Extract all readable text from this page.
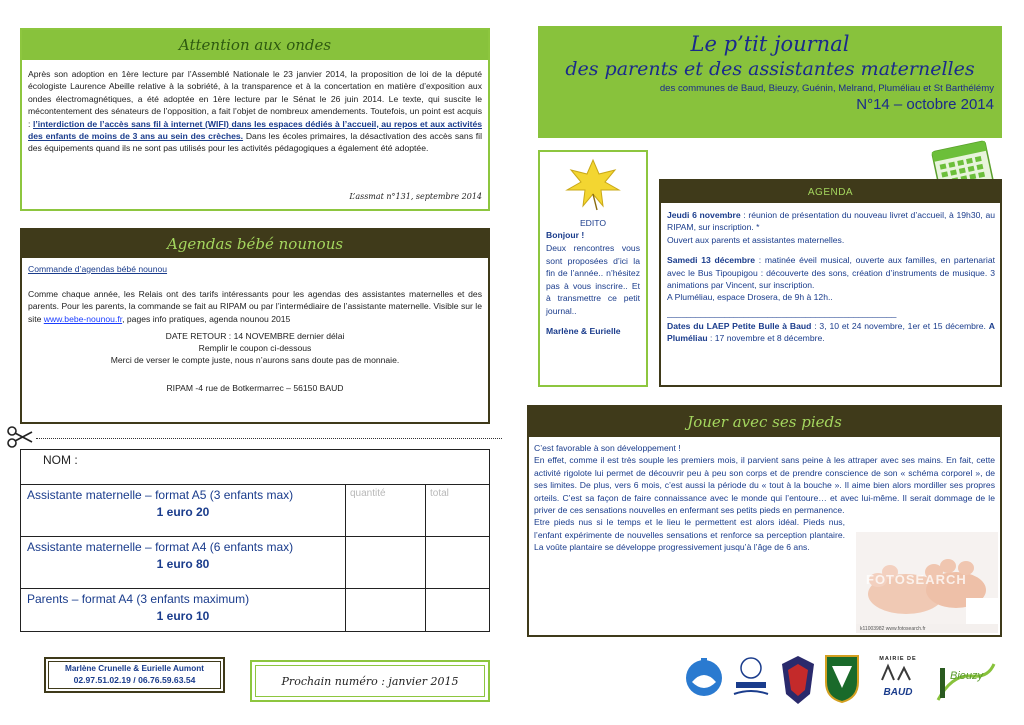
Attention aux ondes
Après son adoption en 1ère lecture par l’Assemblé Nationale le 23 janvier 2014, la proposition de loi de la député écologiste Laurence Abeille relative à la sobriété, à la transparence et à la concertation en matière d’exposition aux ondes électromagnétiques, a été adoptée en 1ère lecture par le Sénat le 26 juin 2014. Le texte, qui suscite le mécontentement des sénateurs de l’opposition, a fait l’objet de nombreux amendements. Toutefois, un point est acquis : l’interdiction de l’accès sans fil à internet (WIFI) dans les espaces dédiés à l’accueil, au repos et aux activités des enfants de moins de 3 ans au sein des crèches. Dans les écoles primaires, la désactivation des accès sans fil des équipements quand ils ne sont pas utilisés pour les activités pédagogiques a également été adoptée.
L’assmat n°131, septembre 2014
Agendas bébé nounous
Commande d’agendas bébé nounou
Comme chaque année, les Relais ont des tarifs intéressants pour les agendas des assistantes maternelles et des parents. Pour les parents, la commande se fait au RIPAM ou par l’intermédiaire de l’assistante maternelle. Visible sur le site www.bebe-nounou.fr, pages info pratiques, agenda nounou 2015
DATE RETOUR : 14 NOVEMBRE dernier délai
Remplir le coupon ci-dessous
Merci de verser le compte juste, nous n’aurons sans doute pas de monnaie.
RIPAM -4 rue de Botkermarrec – 56150 BAUD
NOM :
Assistante maternelle – format A5 (3 enfants max)
1 euro 20
quantité	total
Assistante maternelle – format A4 (6 enfants max)
1 euro 80
Parents – format A4 (3 enfants maximum)
1 euro 10
Marlène Crunelle & Eurielle Aumont
02.97.51.02.19 / 06.76.59.63.54	Prochain numéro : janvier 2015
Le p’tit journal
des parents et des assistantes maternelles
des communes de Baud, Bieuzy, Guénin, Melrand, Pluméliau et St Barthélémy
N°14 – octobre 2014
EDITO
Bonjour !
Deux rencontres vous sont proposées d’ici la fin de l’année.. n’hésitez pas à vous inscrire.. Et à transmettre ce petit journal..
Marlène & Eurielle
AGENDA
Jeudi 6 novembre : réunion de présentation du nouveau livret d’accueil, à 19h30, au RIPAM, sur inscription. *
Ouvert aux parents et assistantes maternelles.
Samedi 13 décembre : matinée éveil musical, ouverte aux familles, en partenariat avec le Bus Tipoupigou : découverte des sons, création d’instruments de musique. 3 animations par Vincent, sur inscription.
A Pluméliau, espace Drosera, de 9h à 12h..
________________________________________________
Dates du LAEP Petite Bulle à Baud : 3, 10 et 24 novembre, 1er et 15 décembre. A Pluméliau : 17 novembre et 8 décembre.
Jouer avec ses pieds
C’est favorable à son développement !
En effet, comme il est très souple les premiers mois, il parvient sans peine à les attraper avec ses mains. En fait, cette activité rigolote lui permet de découvrir peu à peu son corps et de prendre conscience de son « schéma corporel », de ses limites. De plus, vers 6 mois, c’est aussi la période du « tout à la bouche ». Il aime bien alors mordiller ses propres orteils. C’est sa façon de faire connaissance avec le monde qui l’entoure… et avec lui-même. Il serait dommage de le priver de ces sensations nouvelles en enfermant ses petits pieds en permanence.
Etre pieds nus si le temps et le lieu le permettent est alors idéal. Pieds nus, l’enfant expérimente de nouvelles sensations et renforce sa perception plantaire. La voûte plantaire se développe progressivement jusqu’à l’âge de 6 ans.
FOTOSEARCH
k11003982 www.fotosearch.fr
MAIRIE DE
BAUD
Bieuzy
